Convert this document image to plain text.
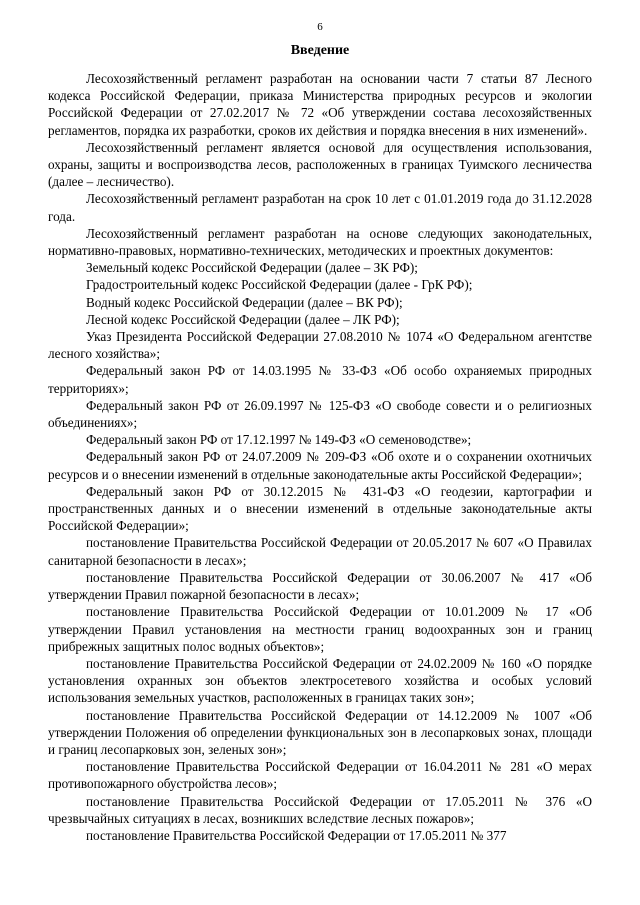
6
Введение

Лесохозяйственный регламент разработан на основании части 7 статьи 87 Лесного кодекса Российской Федерации, приказа Министерства природных ресурсов и экологии Российской Федерации от 27.02.2017 № 72 «Об утверждении состава лесохозяйственных регламентов, порядка их разработки, сроков их действия и порядка внесения в них изменений».

Лесохозяйственный регламент является основой для осуществления использования, охраны, защиты и воспроизводства лесов, расположенных в границах Туимского лесничества (далее – лесничество).

Лесохозяйственный регламент разработан на срок 10 лет с 01.01.2019 года до 31.12.2028 года.

Лесохозяйственный регламент разработан на основе следующих законодательных, нормативно-правовых, нормативно-технических, методических и проектных документов:

Земельный кодекс Российской Федерации (далее – ЗК РФ);

Градостроительный кодекс Российской Федерации (далее - ГрК РФ);

Водный кодекс Российской Федерации (далее – ВК РФ);

Лесной кодекс Российской Федерации (далее – ЛК РФ);

Указ Президента Российской Федерации 27.08.2010 № 1074 «О Федеральном агентстве лесного хозяйства»;

Федеральный закон РФ от 14.03.1995 № 33-ФЗ «Об особо охраняемых природных территориях»;

Федеральный закон РФ от 26.09.1997 № 125-ФЗ «О свободе совести и о религиозных объединениях»;

Федеральный закон РФ от 17.12.1997 № 149-ФЗ «О семеноводстве»;

Федеральный закон РФ от 24.07.2009 № 209-ФЗ «Об охоте и о сохранении охотничьих ресурсов и о внесении изменений в отдельные законодательные акты Российской Федерации»;

Федеральный закон РФ от 30.12.2015 № 431-ФЗ «О геодезии, картографии и пространственных данных и о внесении изменений в отдельные законодательные акты Российской Федерации»;

постановление Правительства Российской Федерации от 20.05.2017 № 607 «О Правилах санитарной безопасности в лесах»;

постановление Правительства Российской Федерации от 30.06.2007 № 417 «Об утверждении Правил пожарной безопасности в лесах»;

постановление Правительства Российской Федерации от 10.01.2009 № 17 «Об утверждении Правил установления на местности границ водоохранных зон и границ прибрежных защитных полос водных объектов»;

постановление Правительства Российской Федерации от 24.02.2009 № 160 «О порядке установления охранных зон объектов электросетевого хозяйства и особых условий использования земельных участков, расположенных в границах таких зон»;

постановление Правительства Российской Федерации от 14.12.2009 № 1007 «Об утверждении Положения об определении функциональных зон в лесопарковых зонах, площади и границ лесопарковых зон, зеленых зон»;

постановление Правительства Российской Федерации от 16.04.2011 № 281 «О мерах противопожарного обустройства лесов»;

постановление Правительства Российской Федерации от 17.05.2011 № 376 «О чрезвычайных ситуациях в лесах, возникших вследствие лесных пожаров»;

постановление Правительства Российской Федерации от 17.05.2011 № 377
